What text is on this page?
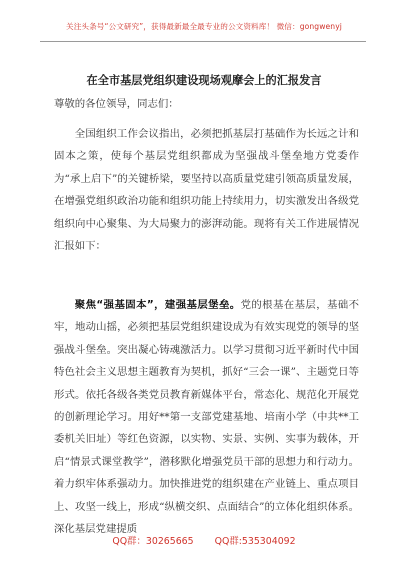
关注头条号“公文研究”，获得最新最全最专业的公文资料库！ 微信：gongwenyj
在全市基层党组织建设现场观摩会上的汇报发言
尊敬的各位领导，同志们：

全国组织工作会议指出，必须把抓基层打基础作为长远之计和固本之策，使每个基层党组织都成为坚强战斗堡垒地方党委作为“承上启下”的关键桥梁，要坚持以高质量党建引领高质量发展，在增强党组织政治功能和组织功能上持续用力，切实激发出各级党组织向中心聚集、为大局聚力的澎湃动能。现将有关工作进展情况汇报如下：

聚焦“强基固本”，建强基层堡垒。党的根基在基层，基础不牢，地动山摇，必须把基层党组织建设成为有效实现党的领导的坚强战斗堡垒。突出凝心铸魂激活力。以学习贯彻习近平新时代中国特色社会主义思想主题教育为契机，抓好“三会一课”、主题党日等形式。依托各级各类党员教育新媒体平台，常态化、规范化开展党的创新理论学习。用好**第一支部党建基地、培南小学（中共**工委机关旧址）等红色资源，以实物、实景、实例、实事为载体，开启“情景式课堂教学”，潜移默化增强党员干部的思想力和行动力。着力织牢体系强动力。加快推进党的组织建在产业链上、重点项目上、攻坚一线上，形成“纵横交织、点面结合”的立体化组织体系。深化基层党建提质

QQ群：30265665 QQ群:535304092
